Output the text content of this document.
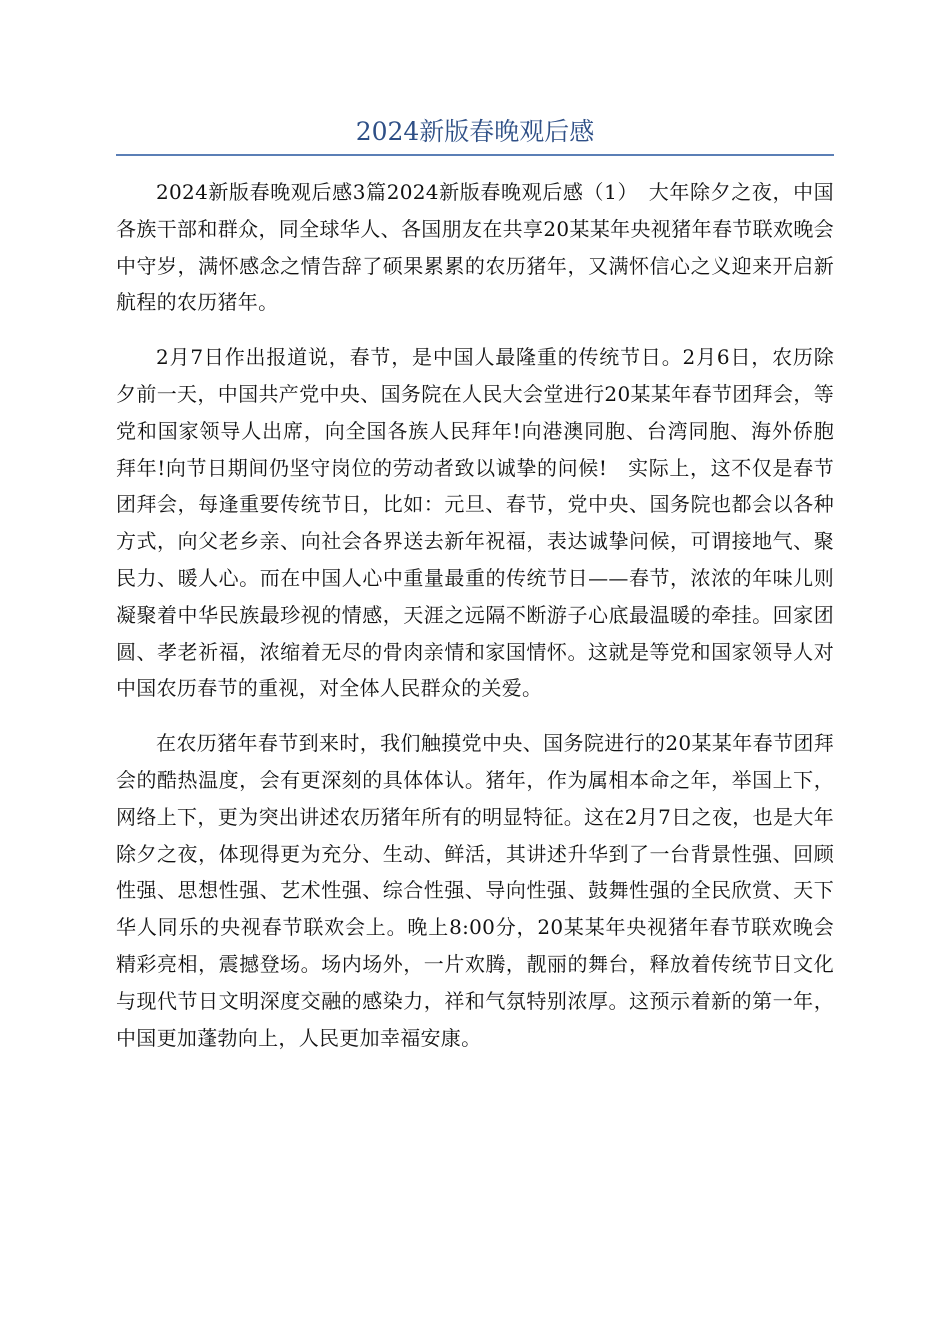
2024新版春晚观后感

2024新版春晚观后感3篇2024新版春晚观后感（1）　大年除夕之夜，中国各族干部和群众，同全球华人、各国朋友在共享20某某年央视猪年春节联欢晚会中守岁，满怀感念之情告辞了硕果累累的农历猪年，又满怀信心之义迎来开启新航程的农历猪年。

2月7日作出报道说，春节，是中国人最隆重的传统节日。2月6日，农历除夕前一天，中国共产党中央、国务院在人民大会堂进行20某某年春节团拜会，等党和国家领导人出席，向全国各族人民拜年!向港澳同胞、台湾同胞、海外侨胞拜年!向节日期间仍坚守岗位的劳动者致以诚挚的问候!　实际上，这不仅是春节团拜会，每逢重要传统节日，比如：元旦、春节，党中央、国务院也都会以各种方式，向父老乡亲、向社会各界送去新年祝福，表达诚挚问候，可谓接地气、聚民力、暖人心。而在中国人心中重量最重的传统节日——春节，浓浓的年味儿则凝聚着中华民族最珍视的情感，天涯之远隔不断游子心底最温暖的牵挂。回家团圆、孝老祈福，浓缩着无尽的骨肉亲情和家国情怀。这就是等党和国家领导人对中国农历春节的重视，对全体人民群众的关爱。

在农历猪年春节到来时，我们触摸党中央、国务院进行的20某某年春节团拜会的酷热温度，会有更深刻的具体体认。猪年，作为属相本命之年，举国上下，网络上下，更为突出讲述农历猪年所有的明显特征。这在2月7日之夜，也是大年除夕之夜，体现得更为充分、生动、鲜活，其讲述升华到了一台背景性强、回顾性强、思想性强、艺术性强、综合性强、导向性强、鼓舞性强的全民欣赏、天下华人同乐的央视春节联欢会上。晚上8:00分，20某某年央视猪年春节联欢晚会精彩亮相，震撼登场。场内场外，一片欢腾，靓丽的舞台，释放着传统节日文化与现代节日文明深度交融的感染力，祥和气氛特别浓厚。这预示着新的第一年，中国更加蓬勃向上，人民更加幸福安康。
